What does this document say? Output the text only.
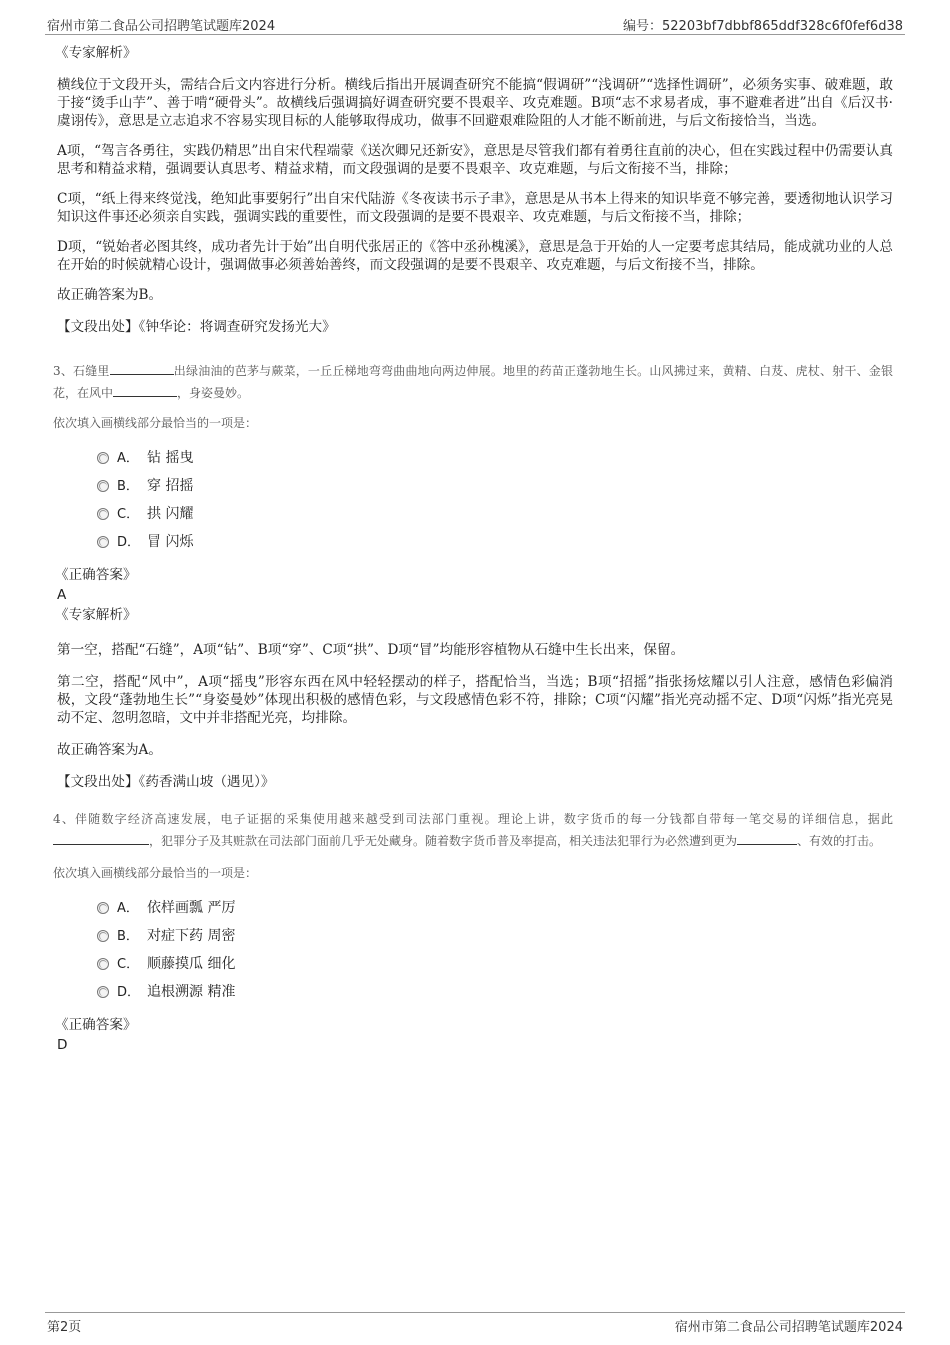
宿州市第二食品公司招聘笔试题库2024	编号：52203bf7dbbf865ddf328c6f0fef6d38
《专家解析》

横线位于文段开头，需结合后文内容进行分析。横线后指出开展调查研究不能搞“假调研”“浅调研”“选择性调研”，必须务实事、破难题，敢于接“烫手山芋”、善于啃“硬骨头”。故横线后强调搞好调查研究要不畏艰辛、攻克难题。B项“志不求易者成，事不避难者进”出自《后汉书·虞诩传》，意思是立志追求不容易实现目标的人能够取得成功，做事不回避艰难险阻的人才能不断前进，与后文衔接恰当，当选。

A项，“驾言各勇往，实践仍精思”出自宋代程端蒙《送次卿兄还新安》，意思是尽管我们都有着勇往直前的决心，但在实践过程中仍需要认真思考和精益求精，强调要认真思考、精益求精，而文段强调的是要不畏艰辛、攻克难题，与后文衔接不当，排除；

C项，“纸上得来终觉浅，绝知此事要躬行”出自宋代陆游《冬夜读书示子聿》，意思是从书本上得来的知识毕竟不够完善，要透彻地认识学习知识这件事还必须亲自实践，强调实践的重要性，而文段强调的是要不畏艰辛、攻克难题，与后文衔接不当，排除；

D项，“锐始者必图其终，成功者先计于始”出自明代张居正的《答中丞孙槐溪》，意思是急于开始的人一定要考虑其结局，能成就功业的人总在开始的时候就精心设计，强调做事必须善始善终，而文段强调的是要不畏艰辛、攻克难题，与后文衔接不当，排除。

故正确答案为B。

【文段出处】《钟华论：将调查研究发扬光大》

3、石缝里	出绿油油的芭茅与蕨菜，一丘丘梯地弯弯曲曲地向两边伸展。地里的药苗正蓬勃地生长。山风拂过来，黄精、白芨、虎杖、射干、金银花，在风中	，身姿曼妙。
依次填入画横线部分最恰当的一项是：
A． 钻 摇曳
B． 穿 招摇
C． 拱 闪耀
D． 冒 闪烁
《正确答案》
A
《专家解析》

第一空，搭配“石缝”，A项“钻”、B项“穿”、C项“拱”、D项“冒”均能形容植物从石缝中生长出来，保留。

第二空，搭配“风中”，A项“摇曳”形容东西在风中轻轻摆动的样子，搭配恰当，当选；B项“招摇”指张扬炫耀以引人注意，感情色彩偏消极，文段“蓬勃地生长”“身姿曼妙”体现出积极的感情色彩，与文段感情色彩不符，排除；C项“闪耀”指光亮动摇不定、D项“闪烁”指光亮晃动不定、忽明忽暗，文中并非搭配光亮，均排除。

故正确答案为A。

【文段出处】《药香满山坡（遇见）》

4、伴随数字经济高速发展，电子证据的采集使用越来越受到司法部门重视。理论上讲，数字货币的每一分钱都自带每一笔交易的详细信息，据此，犯罪分子及其赃款在司法部门面前几乎无处藏身。随着数字货币普及率提高，相关违法犯罪行为必然遭到更为	、有效的打击。
依次填入画横线部分最恰当的一项是：
A． 依样画瓢 严厉
B． 对症下药 周密
C． 顺藤摸瓜 细化
D． 追根溯源 精准
《正确答案》
D
第2页	宿州市第二食品公司招聘笔试题库2024
